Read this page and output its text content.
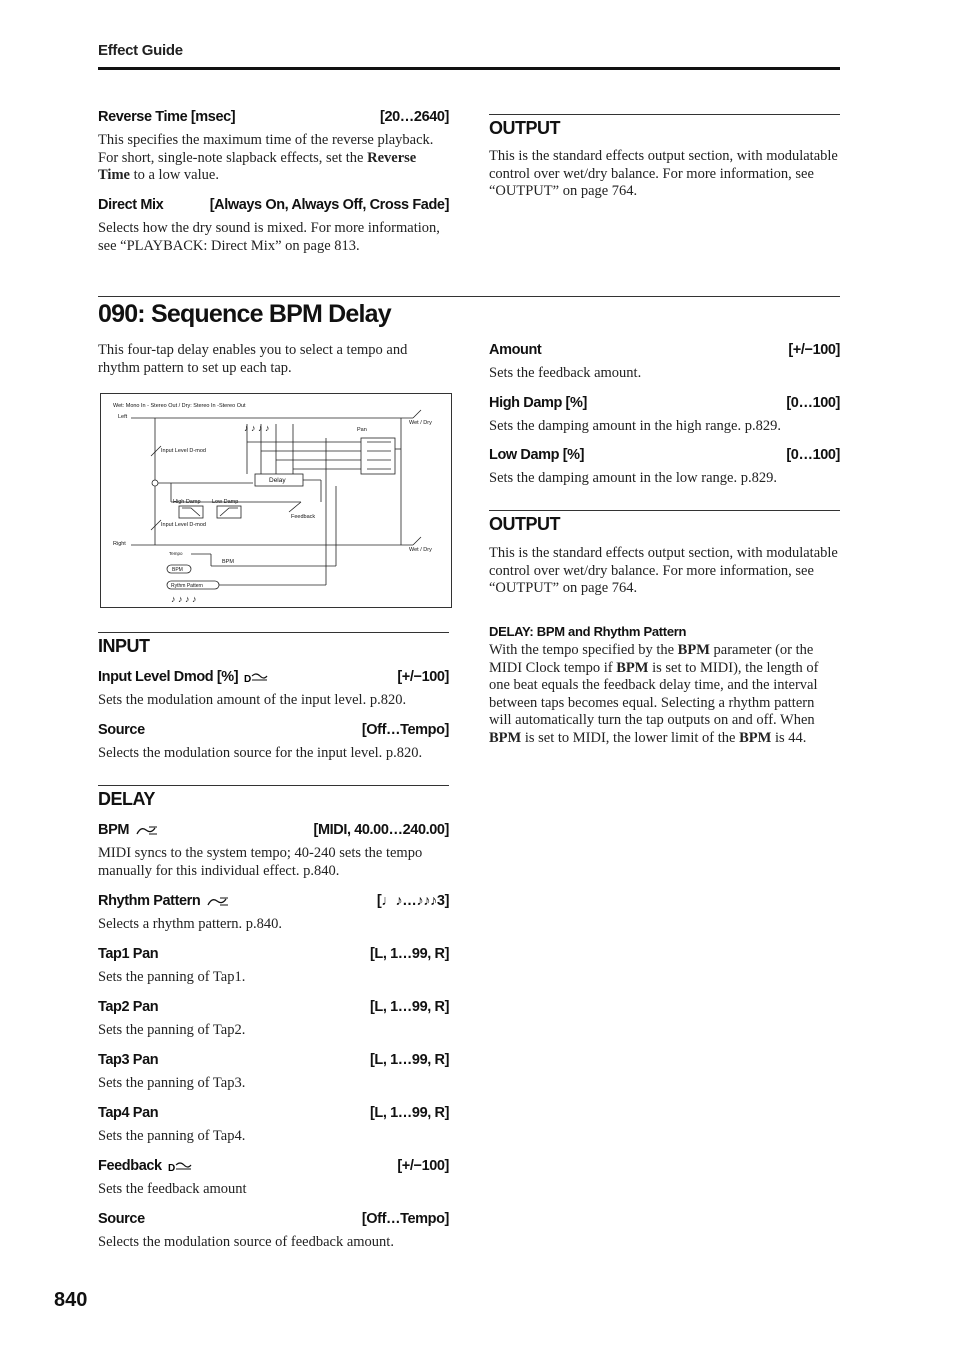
Effect Guide
Reverse Time [msec]	[20…2640]
This specifies the maximum time of the reverse playback. For short, single-note slapback effects, set the Reverse Time to a low value.
Direct Mix	[Always On, Always Off, Cross Fade]
Selects how the dry sound is mixed. For more information, see “PLAYBACK: Direct Mix” on page 813.
OUTPUT
This is the standard effects output section, with modulatable control over wet/dry balance. For more information, see “OUTPUT” on page 764.
090: Sequence BPM Delay
This four-tap delay enables you to select a tempo and rhythm pattern to set up each tap.
Wet: Mono In - Stereo Out / Dry: Stereo In -Stereo Out
Left
Right
Wet / Dry
Wet / Dry
Pan
Input Level D-mod
Input Level D-mod
Delay
High Damp Low Damp
Feedback
Tempo
BPM
BPM
Rythm Pattern
♪ ♪ ♪ ♪
♪ ♪ ♪ ♪
INPUT
Input Level Dmod [%] D	[+/−100]
Sets the modulation amount of the input level. p.820.
Source	[Off…Tempo]
Selects the modulation source for the input level. p.820.
DELAY
BPM	[MIDI, 40.00…240.00]
MIDI syncs to the system tempo; 40-240 sets the tempo manually for this individual effect. p.840.
Rhythm Pattern	[♩♪…♪♪♪3]
Selects a rhythm pattern. p.840.
Tap1 Pan	[L, 1…99, R]
Sets the panning of Tap1.
Tap2 Pan	[L, 1…99, R]
Sets the panning of Tap2.
Tap3 Pan	[L, 1…99, R]
Sets the panning of Tap3.
Tap4 Pan	[L, 1…99, R]
Sets the panning of Tap4.
Feedback D	[+/−100]
Sets the feedback amount
Source	[Off…Tempo]
Selects the modulation source of feedback amount.
Amount	[+/−100]
Sets the feedback amount.
High Damp [%]	[0…100]
Sets the damping amount in the high range. p.829.
Low Damp [%]	[0…100]
Sets the damping amount in the low range. p.829.
OUTPUT
This is the standard effects output section, with modulatable control over wet/dry balance. For more information, see “OUTPUT” on page 764.
DELAY: BPM and Rhythm Pattern
With the tempo specified by the BPM parameter (or the MIDI Clock tempo if BPM is set to MIDI), the length of one beat equals the feedback delay time, and the interval between taps becomes equal. Selecting a rhythm pattern will automatically turn the tap outputs on and off. When BPM is set to MIDI, the lower limit of the BPM is 44.
840
